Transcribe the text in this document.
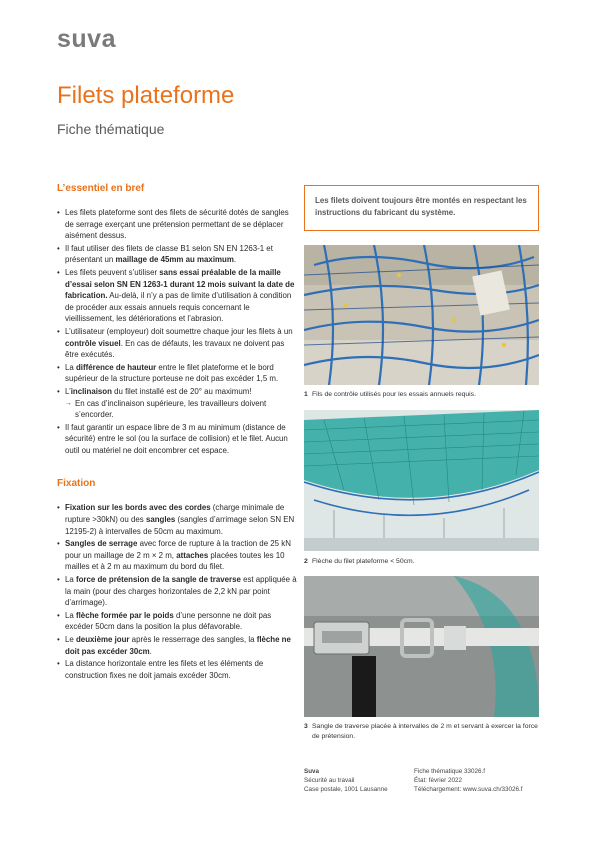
suva
Filets plateforme
Fiche thématique
L’essentiel en bref
• Les filets plateforme sont des filets de sécurité dotés de sangles de serrage exerçant une prétension permettant de se déplacer aisément dessus.
• Il faut utiliser des filets de classe B1 selon SN EN 1263-1 et présentant un maillage de 45mm au maximum.
• Les filets peuvent s’utiliser sans essai préalable de la maille d’essai selon SN EN 1263-1 durant 12 mois suivant la date de fabrication. Au-delà, il n’y a pas de limite d’utilisation à condition de procéder aux essais annuels requis concernant le vieillissement, les détériorations et l’abrasion.
• L’utilisateur (employeur) doit soumettre chaque jour les filets à un contrôle visuel. En cas de défauts, les travaux ne doivent pas être exécutés.
• La différence de hauteur entre le filet plateforme et le bord supérieur de la structure porteuse ne doit pas excéder 1,5 m.
• L’inclinaison du filet installé est de 20° au maximum!
→ En cas d’inclinaison supérieure, les travailleurs doivent s’encorder.
• Il faut garantir un espace libre de 3 m au minimum (distance de sécurité) entre le sol (ou la surface de collision) et le filet. Aucun outil ou matériel ne doit encombrer cet espace.
Fixation
• Fixation sur les bords avec des cordes (charge minimale de rupture >30kN) ou des sangles (sangles d’arrimage selon SN EN 12195-2) à intervalles de 50cm au maximum.
• Sangles de serrage avec force de rupture à la traction de 25 kN pour un maillage de 2 m × 2 m, attaches placées toutes les 10 mailles et à 2 m au maximum du bord du filet.
• La force de prétension de la sangle de traverse est appliquée à la main (pour des charges horizontales de 2,2 kN par point d’arrimage).
• La flèche formée par le poids d’une personne ne doit pas excéder 50cm dans la position la plus défavorable.
• Le deuxième jour après le resserrage des sangles, la flèche ne doit pas excéder 30cm.
• La distance horizontale entre les filets et les éléments de construction fixes ne doit jamais excéder 30cm.
Les filets doivent toujours être montés en respectant les instructions du fabricant du système.
1 Fils de contrôle utilisés pour les essais annuels requis.
2 Flèche du filet plateforme < 50cm.
3 Sangle de traverse placée à intervalles de 2 m et servant à exercer la force de prétension.
Suva
Sécurité au travail
Case postale, 1001 Lausanne
Fiche thématique 33026.f
État: février 2022
Téléchargement: www.suva.ch/33026.f
